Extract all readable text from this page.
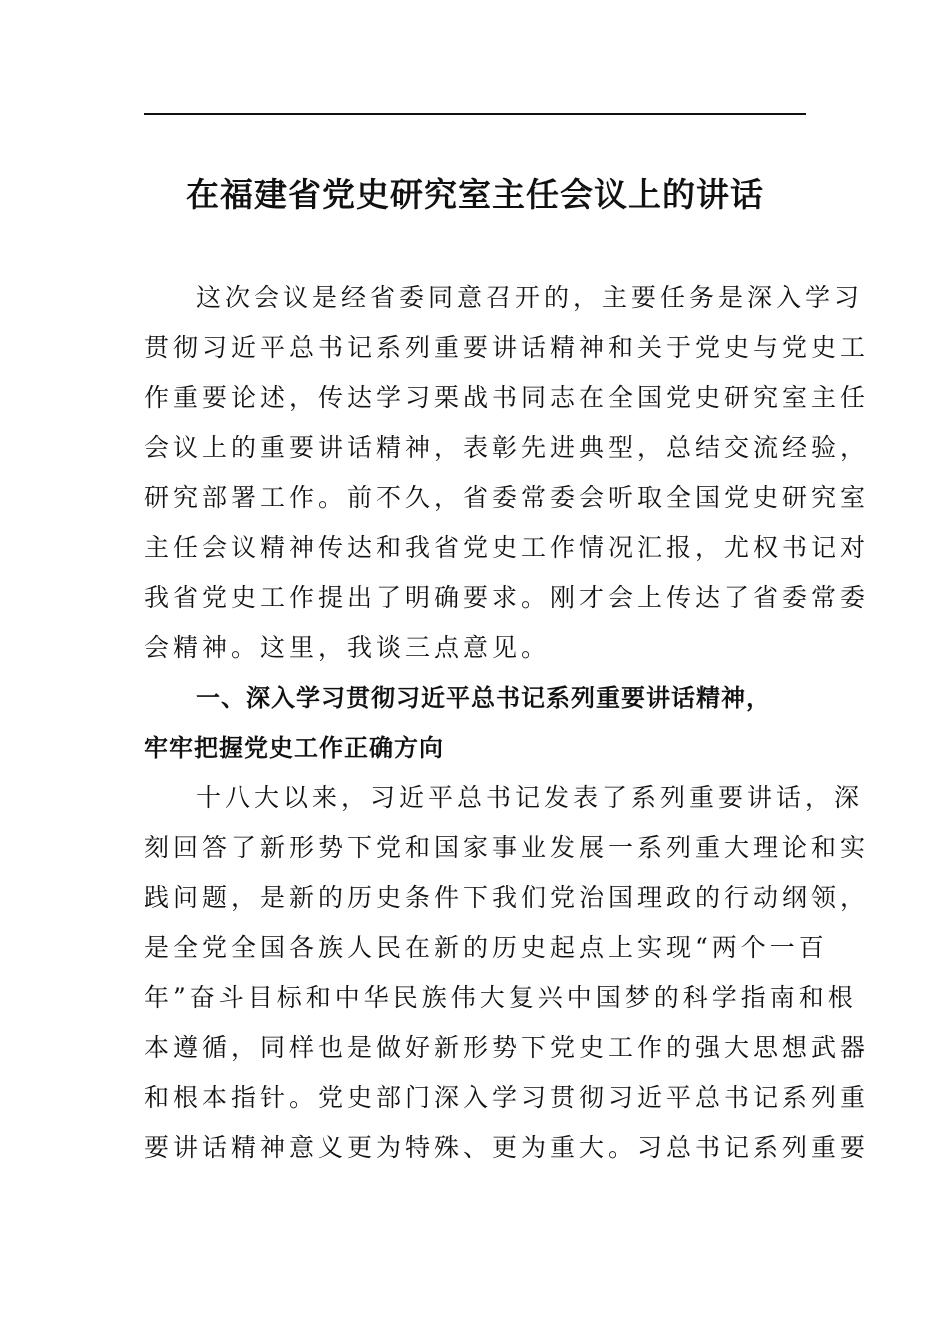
在福建省党史研究室主任会议上的讲话
这次会议是经省委同意召开的，主要任务是深入学习
贯彻习近平总书记系列重要讲话精神和关于党史与党史工
作重要论述，传达学习栗战书同志在全国党史研究室主任
会议上的重要讲话精神，表彰先进典型，总结交流经验，
研究部署工作。前不久，省委常委会听取全国党史研究室
主任会议精神传达和我省党史工作情况汇报，尤权书记对
我省党史工作提出了明确要求。刚才会上传达了省委常委
会精神。这里，我谈三点意见。
一、深入学习贯彻习近平总书记系列重要讲话精神，
牢牢把握党史工作正确方向
十八大以来，习近平总书记发表了系列重要讲话，深
刻回答了新形势下党和国家事业发展一系列重大理论和实
践问题，是新的历史条件下我们党治国理政的行动纲领，
是全党全国各族人民在新的历史起点上实现“两个一百
年”奋斗目标和中华民族伟大复兴中国梦的科学指南和根
本遵循，同样也是做好新形势下党史工作的强大思想武器
和根本指针。党史部门深入学习贯彻习近平总书记系列重
要讲话精神意义更为特殊、更为重大。习总书记系列重要
